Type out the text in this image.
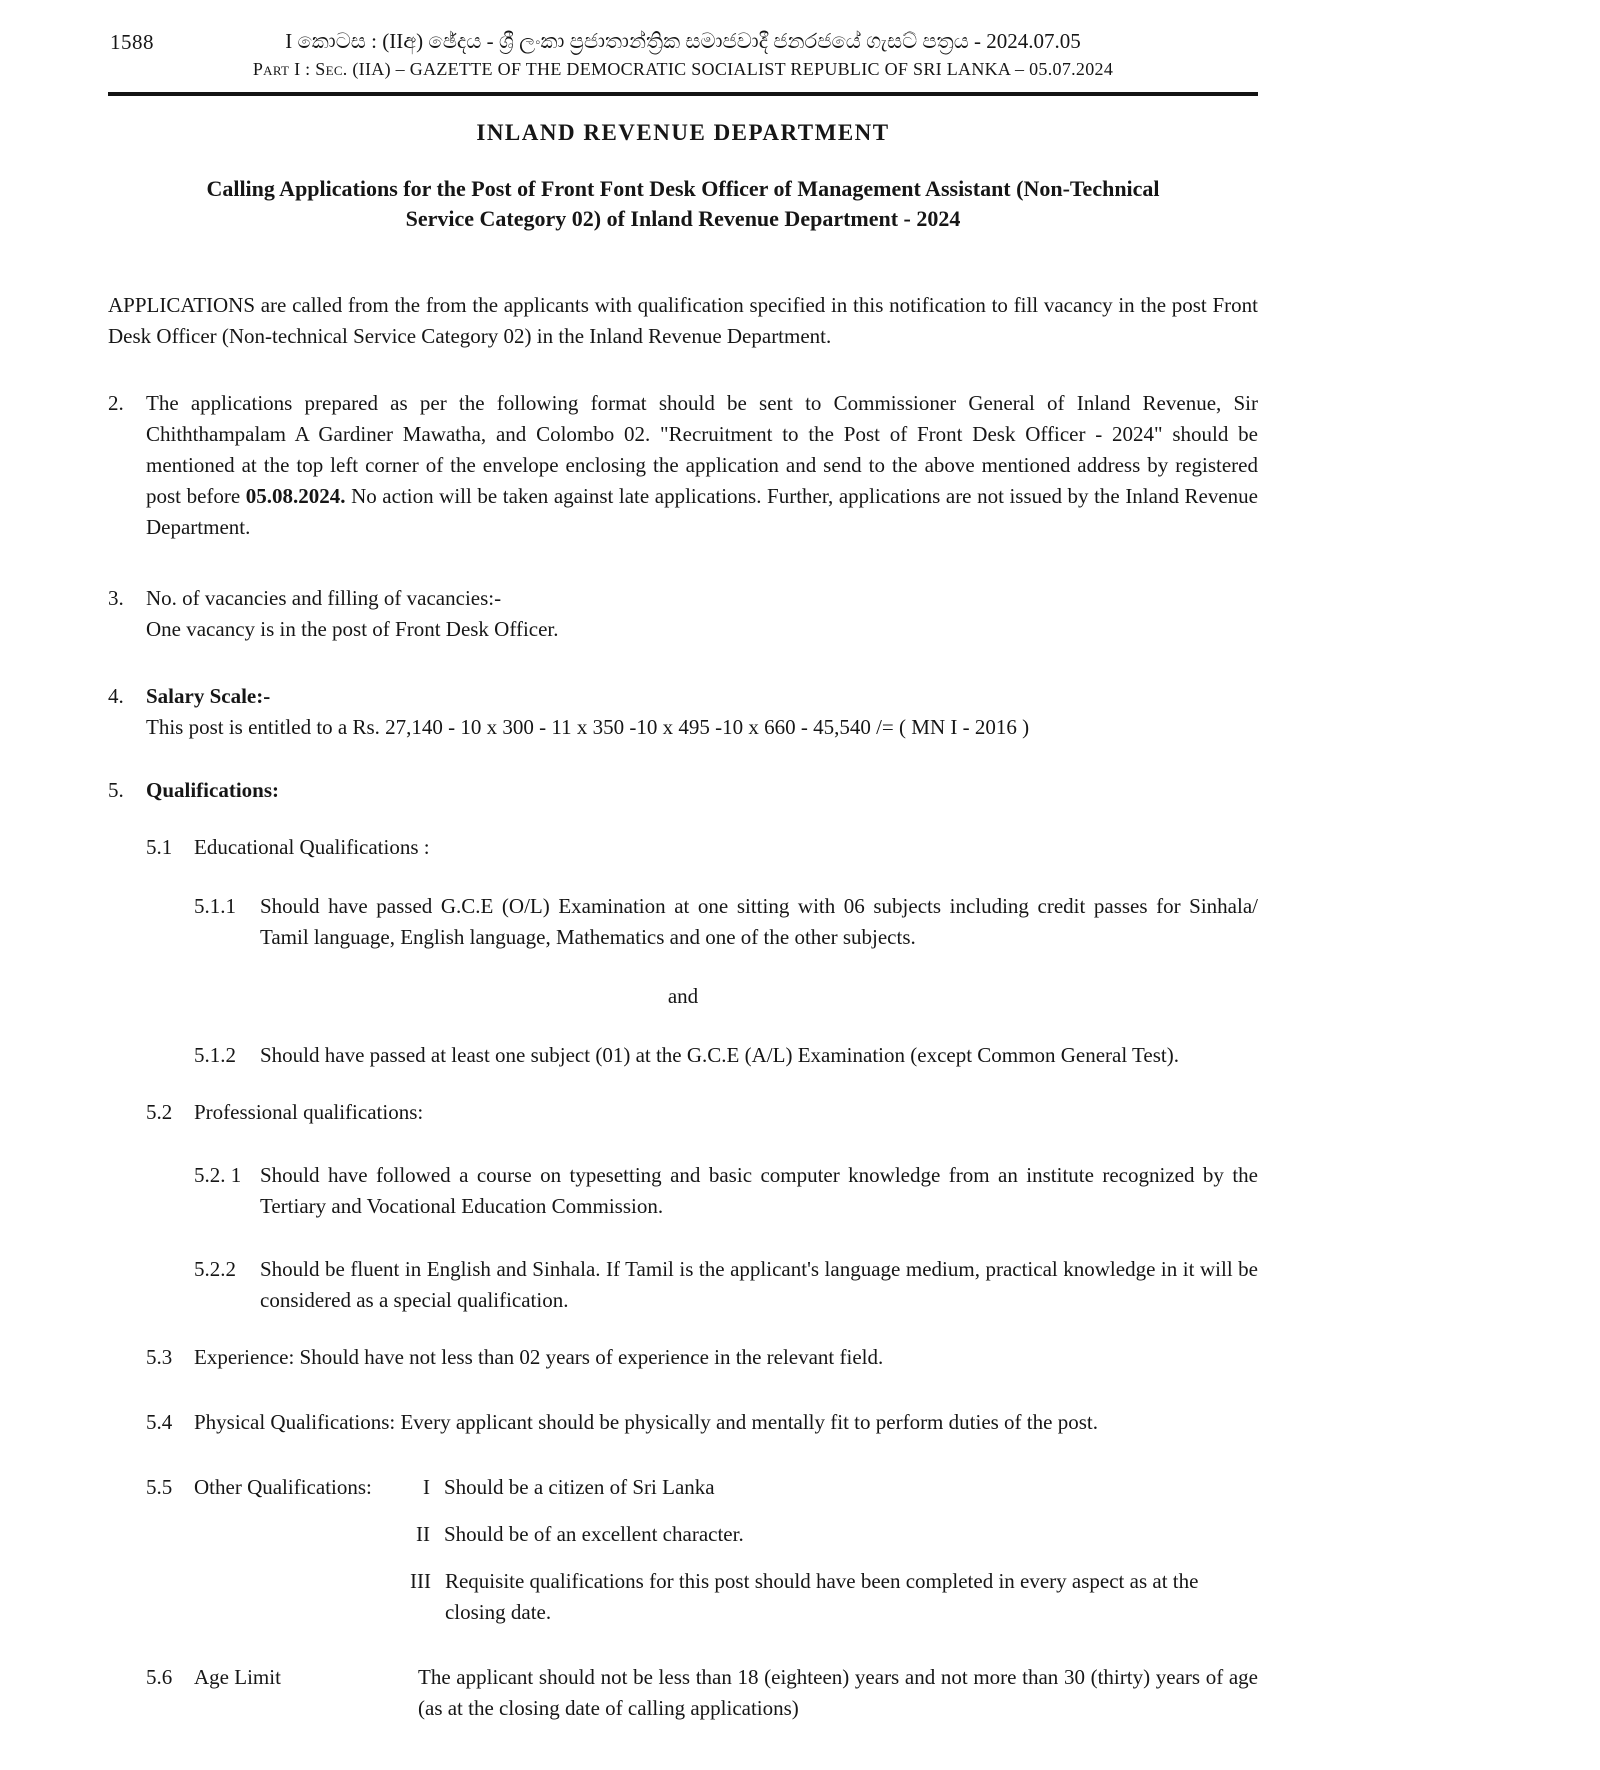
1588	I කොටස : (IIඅ) ඡේදය - ශ්‍රී ලංකා ප්‍රජාතාන්ත්‍රික සමාජවාදී ජනරජයේ ගැසට් පත්‍රය - 2024.07.05
Part I : Sec. (IIA) – GAZETTE OF THE DEMOCRATIC SOCIALIST REPUBLIC OF SRI LANKA – 05.07.2024
INLAND REVENUE DEPARTMENT
Calling Applications for the Post of Front Font Desk Officer of Management Assistant (Non-Technical
Service Category 02) of Inland Revenue Department - 2024
APPLICATIONS are called from the from the applicants with qualification specified in this notification to fill vacancy in the post Front Desk Officer (Non-technical Service Category 02) in the Inland Revenue Department.
2.	The applications prepared as per the following format should be sent to Commissioner General of Inland Revenue, Sir Chiththampalam A Gardiner Mawatha, and Colombo 02. "Recruitment to the Post of Front Desk Officer - 2024" should be mentioned at the top left corner of the envelope enclosing the application and send to the above mentioned address by registered post before 05.08.2024. No action will be taken against late applications. Further, applications are not issued by the Inland Revenue Department.
3.	No. of vacancies and filling of vacancies:-
One vacancy is in the post of Front Desk Officer.
4.	Salary Scale:-
This post is entitled to a Rs. 27,140 - 10 x 300 - 11 x 350 -10 x 495 -10 x 660 - 45,540 /= ( MN I - 2016 )
5.	Qualifications:
5.1	Educational Qualifications :
5.1.1	Should have passed G.C.E (O/L) Examination at one sitting with 06 subjects including credit passes for Sinhala/ Tamil language, English language, Mathematics and one of the other subjects.
and
5.1.2	Should have passed at least one subject (01) at the G.C.E (A/L) Examination (except Common General Test).
5.2	Professional qualifications:
5.2. 1 Should have followed a course on typesetting and basic computer knowledge from an institute recognized by the Tertiary and Vocational Education Commission.
5.2.2	Should be fluent in English and Sinhala. If Tamil is the applicant's language medium, practical knowledge in it will be considered as a special qualification.
5.3	Experience: Should have not less than 02 years of experience in the relevant field.
5.4	Physical Qualifications: Every applicant should be physically and mentally fit to perform duties of the post.
5.5	Other Qualifications:	I Should be a citizen of Sri Lanka
II Should be of an excellent character.
III Requisite qualifications for this post should have been completed in every aspect as at the closing date.
5.6	Age Limit	The applicant should not be less than 18 (eighteen) years and not more than 30 (thirty) years of age (as at the closing date of calling applications)
